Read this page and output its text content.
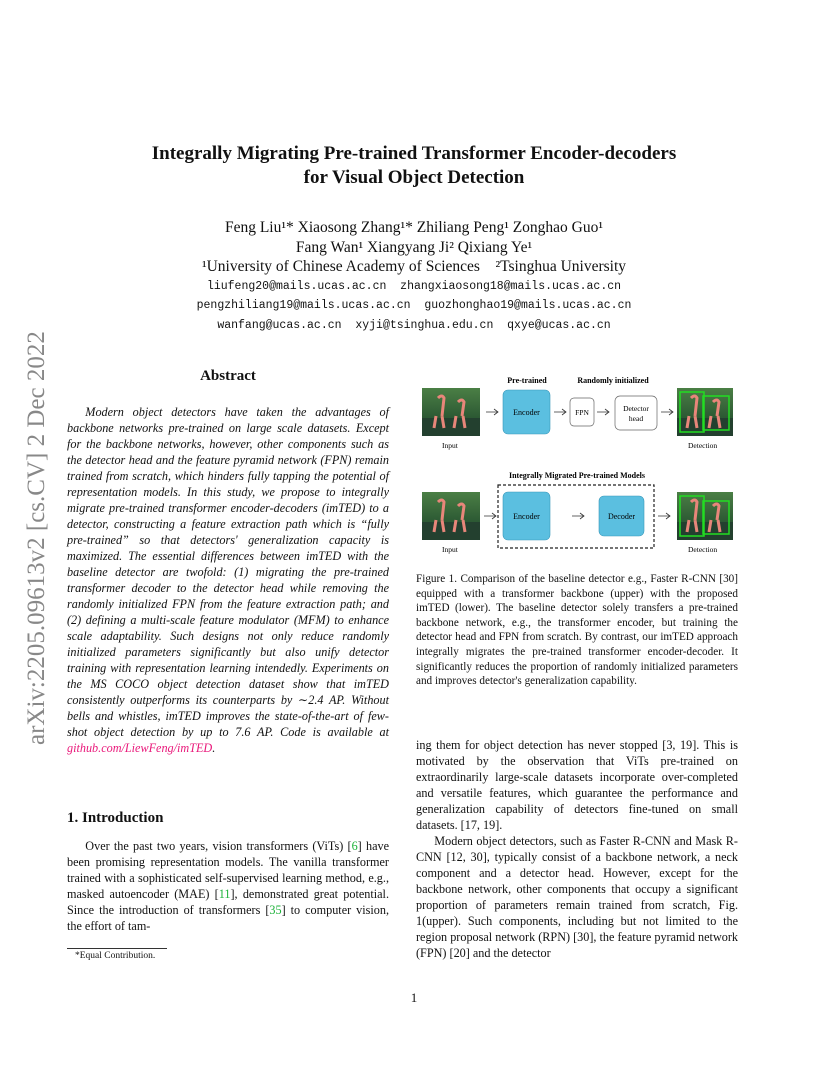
arXiv:2205.09613v2 [cs.CV] 2 Dec 2022
Integrally Migrating Pre-trained Transformer Encoder-decoders
for Visual Object Detection
Feng Liu¹* Xiaosong Zhang¹* Zhiliang Peng¹ Zonghao Guo¹
Fang Wan¹ Xiangyang Ji² Qixiang Ye¹
¹University of Chinese Academy of Sciences    ²Tsinghua University
liufeng20@mails.ucas.ac.cn  zhangxiaosong18@mails.ucas.ac.cn
pengzhiliang19@mails.ucas.ac.cn  guozhonghao19@mails.ucas.ac.cn
wanfang@ucas.ac.cn  xyji@tsinghua.edu.cn  qxye@ucas.ac.cn
Abstract

Modern object detectors have taken the advantages of backbone networks pre-trained on large scale datasets. Except for the backbone networks, however, other components such as the detector head and the feature pyramid network (FPN) remain trained from scratch, which hinders fully tapping the potential of representation models. In this study, we propose to integrally migrate pre-trained transformer encoder-decoders (imTED) to a detector, constructing a feature extraction path which is “fully pre-trained” so that detectors' generalization capacity is maximized. The essential differences between imTED with the baseline detector are twofold: (1) migrating the pre-trained transformer decoder to the detector head while removing the randomly initialized FPN from the feature extraction path; and (2) defining a multi-scale feature modulator (MFM) to enhance scale adaptability. Such designs not only reduce randomly initialized parameters significantly but also unify detector training with representation learning intendedly. Experiments on the MS COCO object detection dataset show that imTED consistently outperforms its counterparts by ∼2.4 AP. Without bells and whistles, imTED improves the state-of-the-art of few-shot object detection by up to 7.6 AP. Code is available at github.com/LiewFeng/imTED.

1. Introduction

Over the past two years, vision transformers (ViTs) [6] have been promising representation models. The vanilla transformer trained with a sophisticated self-supervised learning method, e.g., masked autoencoder (MAE) [11], demonstrated great potential. Since the introduction of transformers [35] to computer vision, the effort of tam-

*Equal Contribution.
Pre-trained	Randomly initialized
Input
Encoder	FPN	Detector
head
Detection
Integrally Migrated Pre-trained Models
Input
Encoder	Decoder
Detection

Figure 1. Comparison of the baseline detector e.g., Faster R-CNN [30] equipped with a transformer backbone (upper) with the proposed imTED (lower). The baseline detector solely transfers a pre-trained backbone network, e.g., the transformer encoder, but training the detector head and FPN from scratch. By contrast, our imTED approach integrally migrates the pre-trained transformer encoder-decoder. It significantly reduces the proportion of randomly initialized parameters and improves detector's generalization capability.

ing them for object detection has never stopped [3, 19]. This is motivated by the observation that ViTs pre-trained on extraordinarily large-scale datasets incorporate over-completed and versatile features, which guarantee the performance and generalization capability of detectors fine-tuned on small datasets. [17, 19].

Modern object detectors, such as Faster R-CNN and Mask R-CNN [12, 30], typically consist of a backbone network, a neck component and a detector head. However, except for the backbone network, other components that occupy a significant proportion of parameters remain trained from scratch, Fig. 1(upper). Such components, including but not limited to the region proposal network (RPN) [30], the feature pyramid network (FPN) [20] and the detector

1
